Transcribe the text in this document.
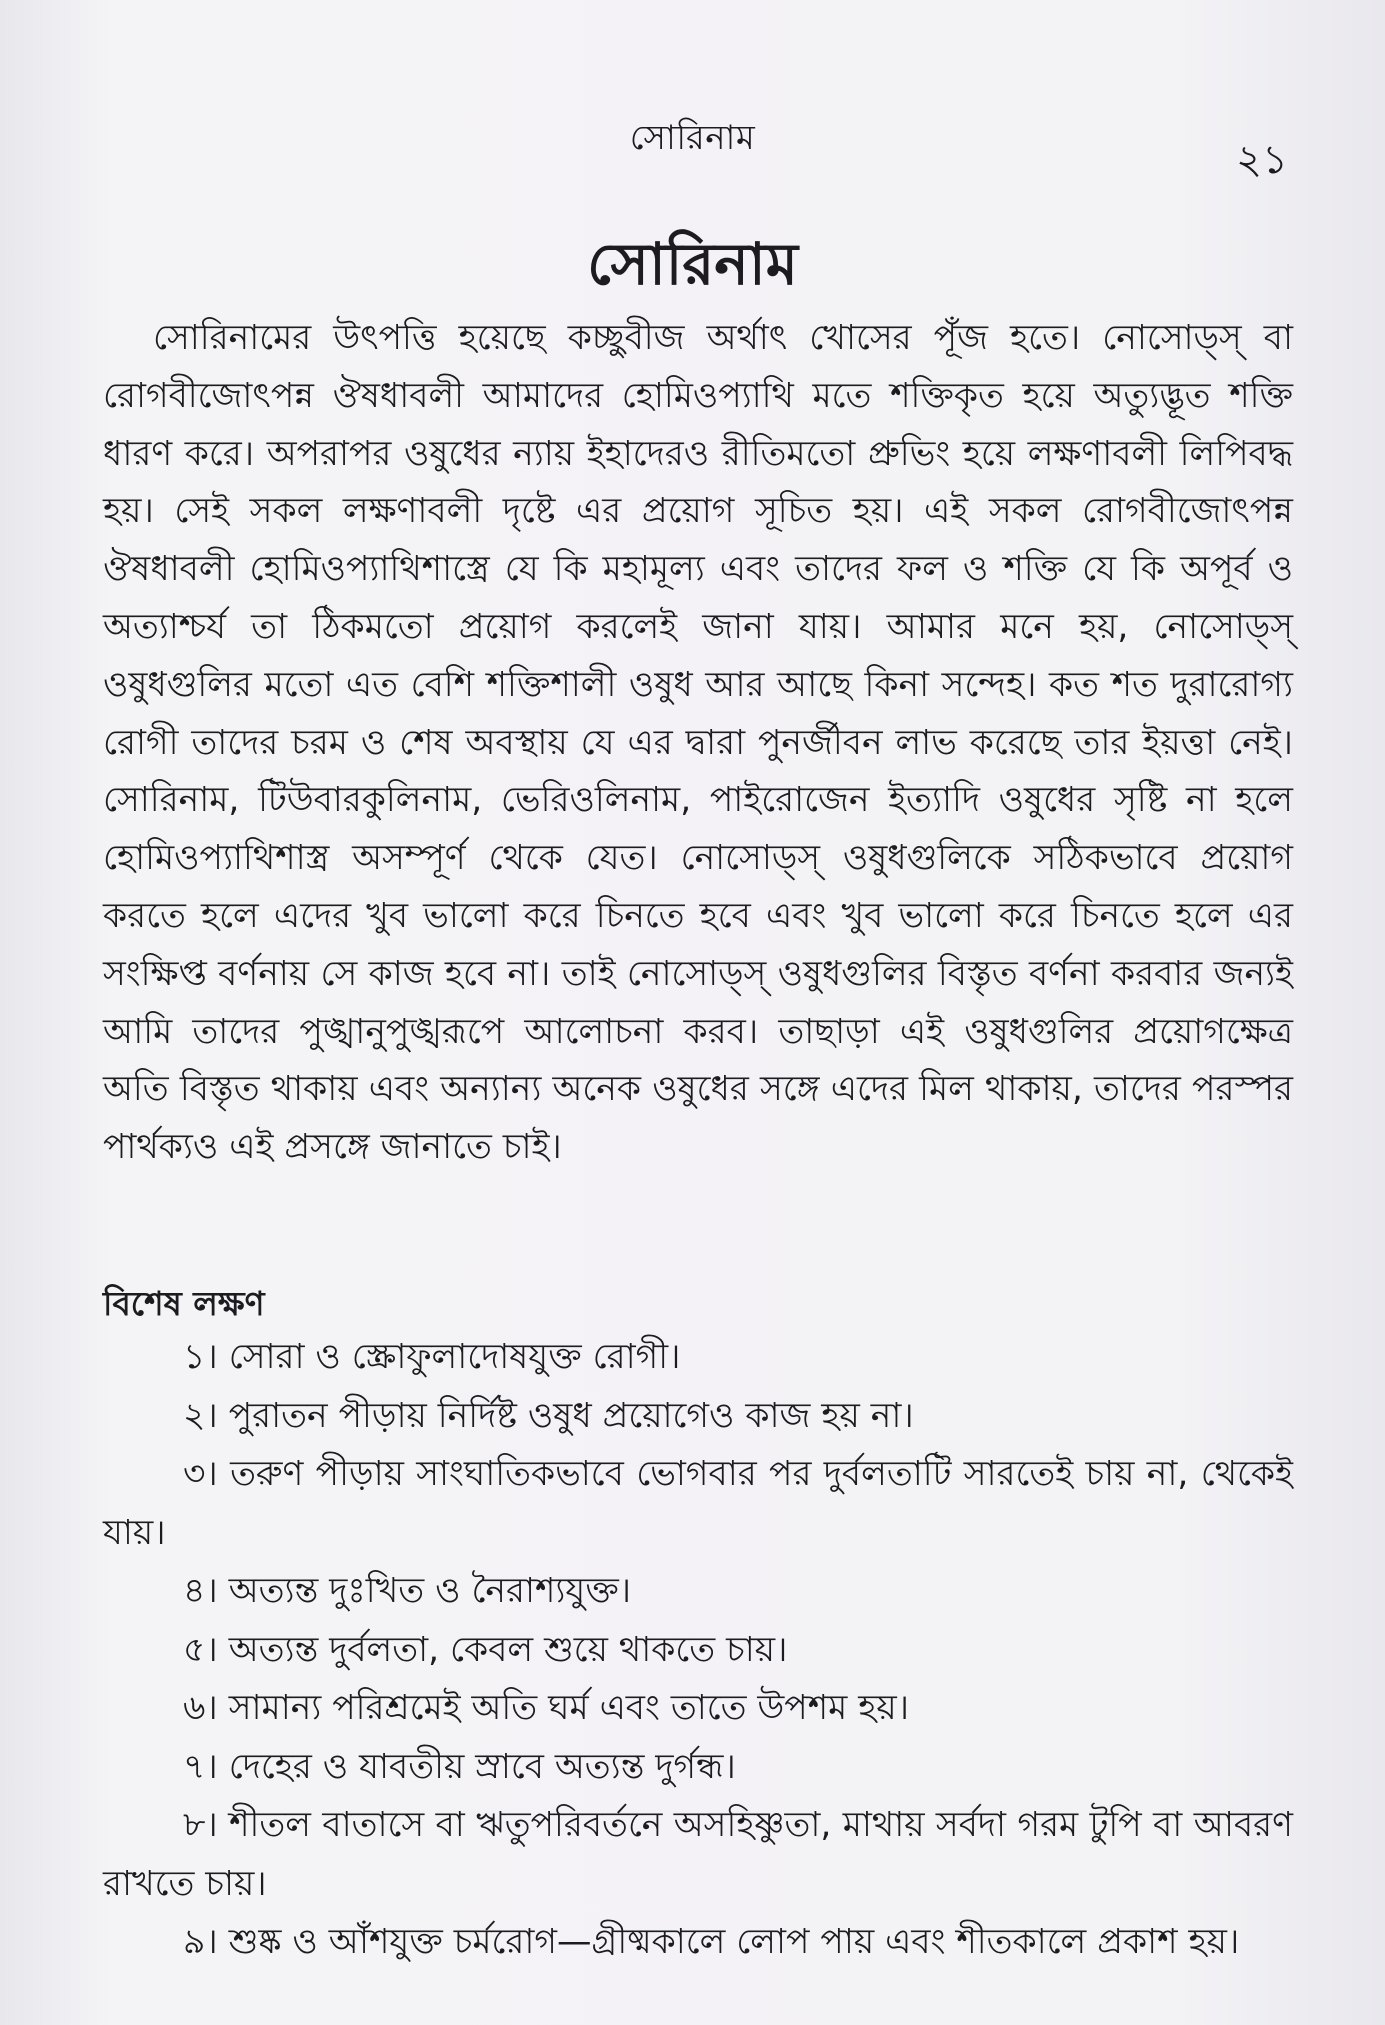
সোরিনাম	২১
সোরিনাম

সোরিনামের উৎপত্তি হয়েছে কচ্ছুবীজ অর্থাৎ খোসের পূঁজ হতে। নোসোড্স্ বা রোগবীজোৎপন্ন ঔষধাবলী আমাদের হোমিওপ্যাথি মতে শক্তিকৃত হয়ে অত্যুদ্ভূত শক্তি ধারণ করে। অপরাপর ওষুধের ন্যায় ইহাদেরও রীতিমতো প্রুভিং হয়ে লক্ষণাবলী লিপিবদ্ধ হয়। সেই সকল লক্ষণাবলী দৃষ্টে এর প্রয়োগ সূচিত হয়। এই সকল রোগবীজোৎপন্ন ঔষধাবলী হোমিওপ্যাথিশাস্ত্রে যে কি মহামূল্য এবং তাদের ফল ও শক্তি যে কি অপূর্ব ও অত্যাশ্চর্য তা ঠিকমতো প্রয়োগ করলেই জানা যায়। আমার মনে হয়, নোসোড্স্ ওষুধগুলির মতো এত বেশি শক্তিশালী ওষুধ আর আছে কিনা সন্দেহ। কত শত দুরারোগ্য রোগী তাদের চরম ও শেষ অবস্থায় যে এর দ্বারা পুনর্জীবন লাভ করেছে তার ইয়ত্তা নেই। সোরিনাম, টিউবারকুলিনাম, ভেরিওলিনাম, পাইরোজেন ইত্যাদি ওষুধের সৃষ্টি না হলে হোমিওপ্যাথিশাস্ত্র অসম্পূর্ণ থেকে যেত। নোসোড্স্ ওষুধগুলিকে সঠিকভাবে প্রয়োগ করতে হলে এদের খুব ভালো করে চিনতে হবে এবং খুব ভালো করে চিনতে হলে এর সংক্ষিপ্ত বর্ণনায় সে কাজ হবে না। তাই নোসোড্স্ ওষুধগুলির বিস্তৃত বর্ণনা করবার জন্যই আমি তাদের পুঙ্খানুপুঙ্খরূপে আলোচনা করব। তাছাড়া এই ওষুধগুলির প্রয়োগক্ষেত্র অতি বিস্তৃত থাকায় এবং অন্যান্য অনেক ওষুধের সঙ্গে এদের মিল থাকায়, তাদের পরস্পর পার্থক্যও এই প্রসঙ্গে জানাতে চাই।

বিশেষ লক্ষণ
১। সোরা ও স্ক্রোফুলাদোষযুক্ত রোগী।
২। পুরাতন পীড়ায় নির্দিষ্ট ওষুধ প্রয়োগেও কাজ হয় না।
৩। তরুণ পীড়ায় সাংঘাতিকভাবে ভোগবার পর দুর্বলতাটি সারতেই চায় না, থেকেই যায়।
৪। অত্যন্ত দুঃখিত ও নৈরাশ্যযুক্ত।
৫। অত্যন্ত দুর্বলতা, কেবল শুয়ে থাকতে চায়।
৬। সামান্য পরিশ্রমেই অতি ঘর্ম এবং তাতে উপশম হয়।
৭। দেহের ও যাবতীয় স্রাবে অত্যন্ত দুর্গন্ধ।
৮। শীতল বাতাসে বা ঋতুপরিবর্তনে অসহিষ্ণুতা, মাথায় সর্বদা গরম টুপি বা আবরণ রাখতে চায়।
৯। শুষ্ক ও আঁশযুক্ত চর্মরোগ—গ্রীষ্মকালে লোপ পায় এবং শীতকালে প্রকাশ হয়।
